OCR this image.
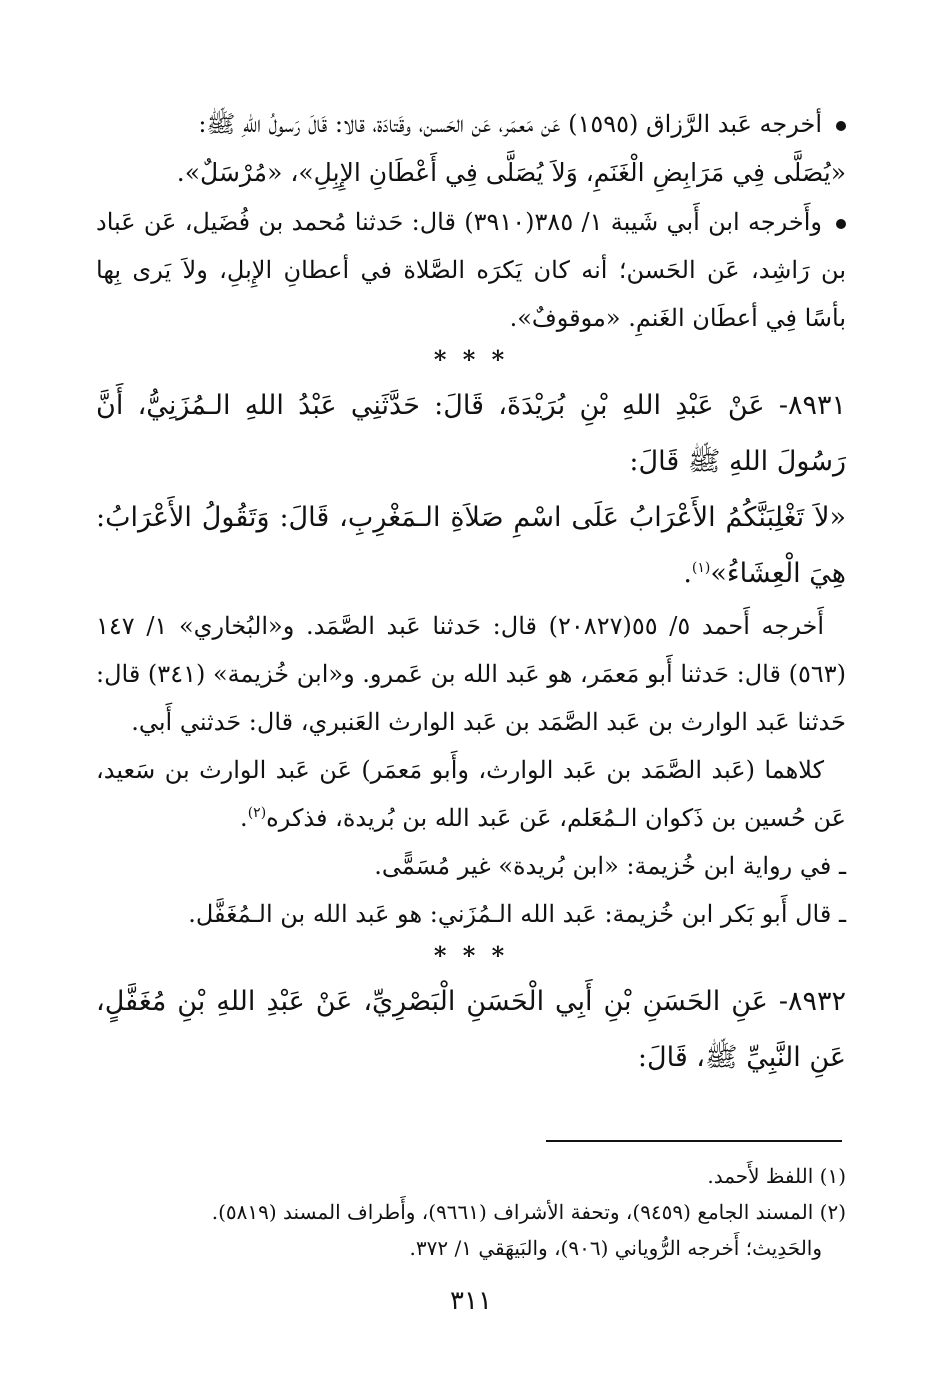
أخرجه عَبد الرَّزاق (١٥٩٥) عَن مَعمَر، عَن الحَسن، وقَتادَة، قالا: قَالَ رَسولُ اللهِ ﷺ:

«يُصَلَّى فِي مَرَابِضِ الْغَنَمِ، وَلاَ يُصَلَّى فِي أَعْطَانِ الإِبِلِ»، «مُرْسَلٌ».

وأَخرجه ابن أَبي شَيبة ١/ ٣٨٥(٣٩١٠) قال: حَدثنا مُحمد بن فُضَيل، عَن عَباد بن رَاشِد، عَن الحَسن؛ أنه كان يَكرَه الصَّلاة في أعطانِ الإِبلِ، ولاَ يَرى بِها بأسًا فِي أعطَان الغَنمِ. «موقوفٌ».

* * *

٨٩٣١- عَنْ عَبْدِ اللهِ بْنِ بُرَيْدَةَ، قَالَ: حَدَّثَنِي عَبْدُ اللهِ الـمُزَنِيُّ، أَنَّ رَسُولَ اللهِ ﷺ قَالَ:

«لاَ تَغْلِبَنَّكُمُ الأَعْرَابُ عَلَى اسْمِ صَلاَةِ الـمَغْرِبِ، قَالَ: وَتَقُولُ الأَعْرَابُ: هِيَ الْعِشَاءُ»$^{(١)}$.

أَخرجه أَحمد ٥/ ٥٥(٢٠٨٢٧) قال: حَدثنا عَبد الصَّمَد. و«البُخاري» ١/ ١٤٧ (٥٦٣) قال: حَدثنا أَبو مَعمَر، هو عَبد الله بن عَمرو. و«ابن خُزيمة» (٣٤١) قال: حَدثنا عَبد الوارث بن عَبد الصَّمَد بن عَبد الوارث العَنبري، قال: حَدثني أَبي.

كلاهما (عَبد الصَّمَد بن عَبد الوارث، وأَبو مَعمَر) عَن عَبد الوارث بن سَعيد، عَن حُسين بن ذَكوان الـمُعَلم، عَن عَبد الله بن بُريدة، فذكره$^{(٢)}$.

ـ في رواية ابن خُزيمة: «ابن بُريدة» غير مُسَمًّى.

ـ قال أَبو بَكر ابن خُزيمة: عَبد الله الـمُزَني: هو عَبد الله بن الـمُغَفَّل.

* * *

٨٩٣٢- عَنِ الحَسَنِ بْنِ أَبِي الْحَسَنِ الْبَصْرِيِّ، عَنْ عَبْدِ اللهِ بْنِ مُغَفَّلٍ، عَنِ النَّبِيِّ ﷺ، قَالَ:

(١) اللفظ لأَحمد.
(٢) المسند الجامع (٩٤٥٩)، وتحفة الأشراف (٩٦٦١)، وأَطراف المسند (٥٨١٩).
والحَدِيث؛ أَخرجه الرُّوياني (٩٠٦)، والبَيهَقي ١/ ٣٧٢.
٣١١
